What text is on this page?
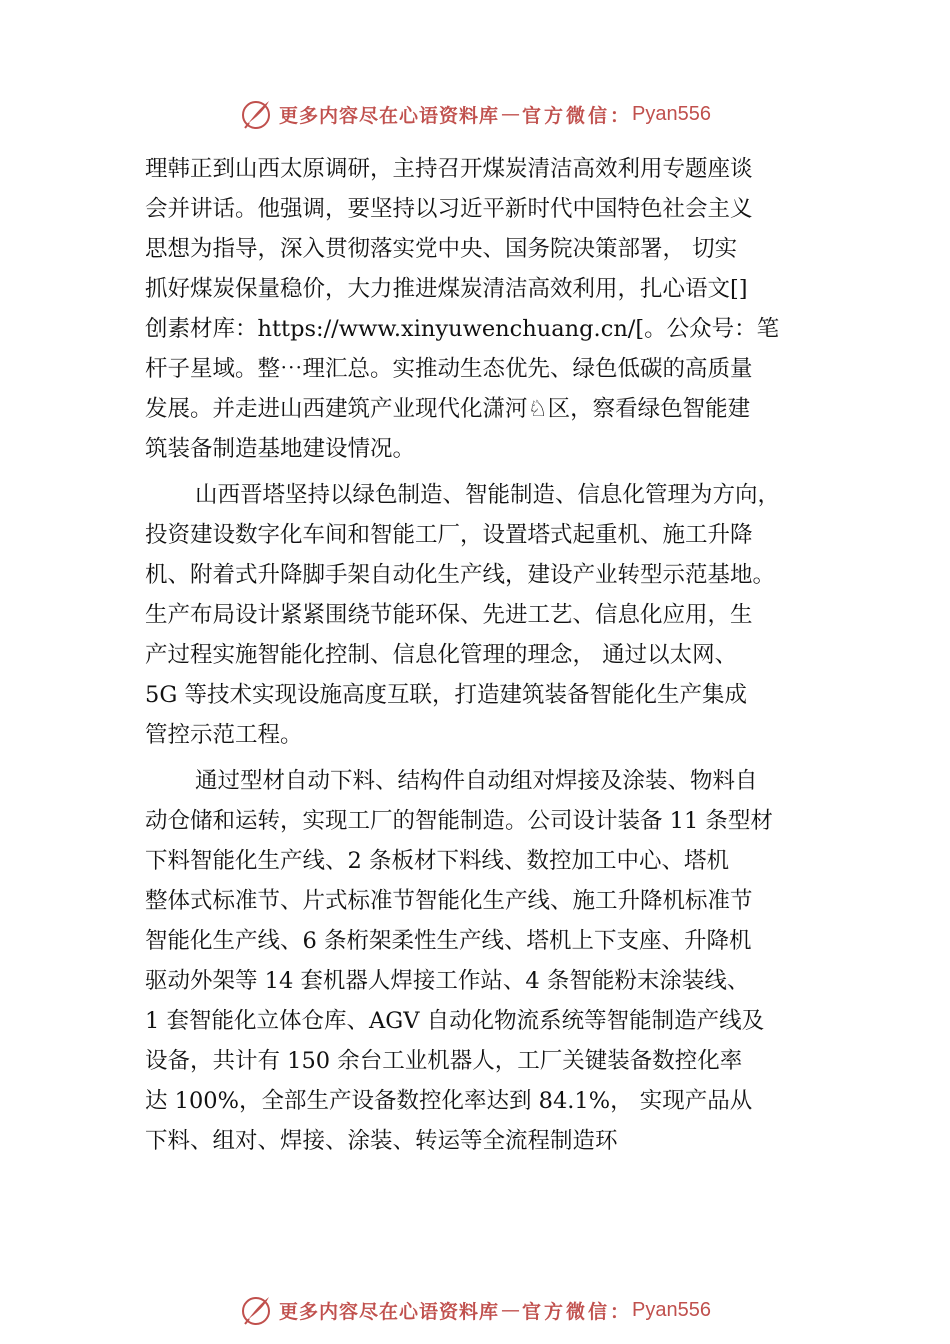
更多内容尽在心语资料库 — 官方微信： Pyan556
理韩正到山西太原调研，主持召开煤炭清洁高效利用专题座谈
会并讲话。他强调，要坚持以习近平新时代中国特色社会主义
思想为指导，深入贯彻落实党中央、国务院决策部署， 切实
抓好煤炭保量稳价，大力推进煤炭清洁高效利用，扎心语文[]
创素材库：https://www.xinyuwenchuang.cn/[。公众号：笔
杆子星域。整⋯理汇总。实推动生态优先、绿色低碳的高质量
发展。并走进山西建筑产业现代化潇河♘区，察看绿色智能建
筑装备制造基地建设情况。
山西晋塔坚持以绿色制造、智能制造、信息化管理为方向，
投资建设数字化车间和智能工厂，设置塔式起重机、施工升降
机、附着式升降脚手架自动化生产线，建设产业转型示范基地。
生产布局设计紧紧围绕节能环保、先进工艺、信息化应用，生
产过程实施智能化控制、信息化管理的理念， 通过以太网、
5G 等技术实现设施高度互联，打造建筑装备智能化生产集成
管控示范工程。
通过型材自动下料、结构件自动组对焊接及涂装、物料自
动仓储和运转，实现工厂的智能制造。公司设计装备 11 条型材
下料智能化生产线、2 条板材下料线、数控加工中心、塔机
整体式标准节、片式标准节智能化生产线、施工升降机标准节
智能化生产线、6 条桁架柔性生产线、塔机上下支座、升降机
驱动外架等 14 套机器人焊接工作站、4 条智能粉末涂装线、
1 套智能化立体仓库、AGV 自动化物流系统等智能制造产线及
设备，共计有 150 余台工业机器人，工厂关键装备数控化率
达 100%，全部生产设备数控化率达到 84.1%， 实现产品从
下料、组对、焊接、涂装、转运等全流程制造环
更多内容尽在心语资料库 — 官方微信： Pyan556
